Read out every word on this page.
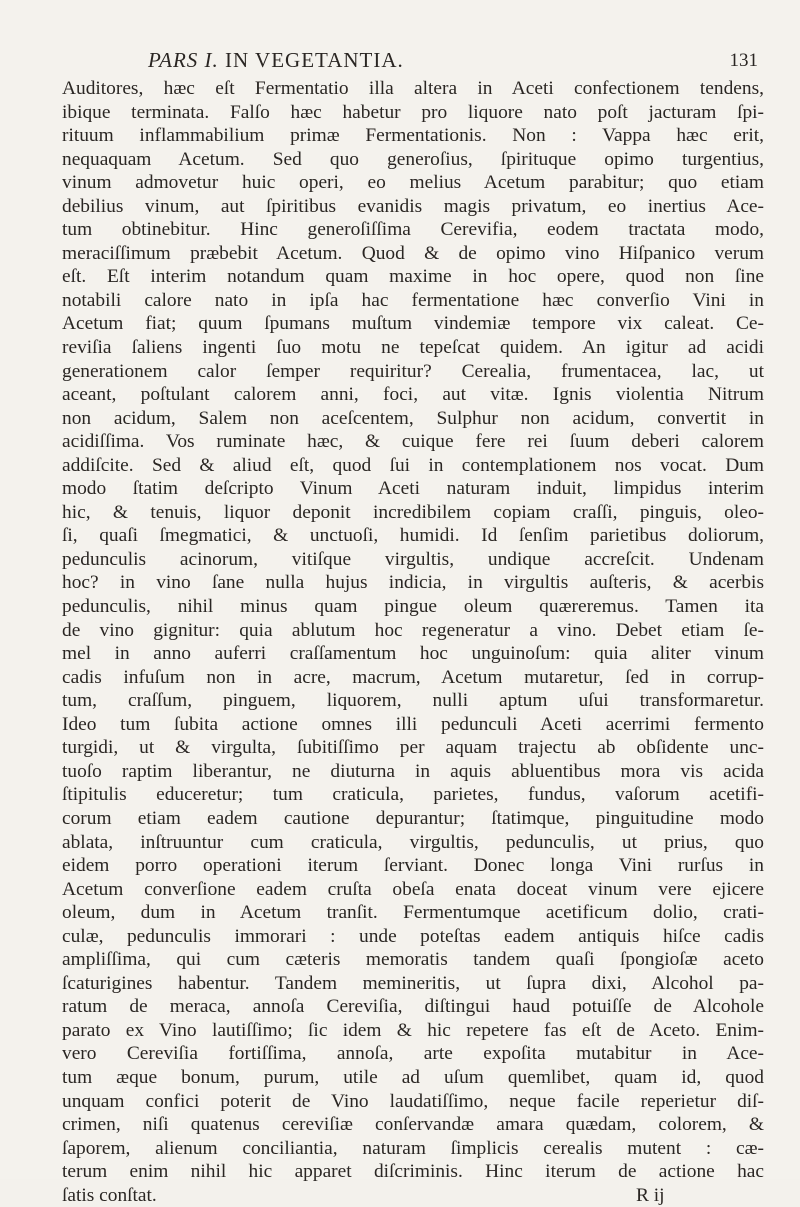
PARS I. IN VEGETANTIA.	131
Auditores, hæc eſt Fermentatio illa altera in Aceti confectionem tendens,
ibique terminata. Falſo hæc habetur pro liquore nato poſt jacturam ſpi-
rituum inflammabilium primæ Fermentationis. Non : Vappa hæc erit,
nequaquam Acetum. Sed quo generoſius, ſpirituque opimo turgentius,
vinum admovetur huic operi, eo melius Acetum parabitur; quo etiam
debilius vinum, aut ſpiritibus evanidis magis privatum, eo inertius Ace-
tum obtinebitur. Hinc generoſiſſima Cerevifia, eodem tractata modo,
meraciſſimum præbebit Acetum. Quod & de opimo vino Hiſpanico verum
eſt. Eſt interim notandum quam maxime in hoc opere, quod non ſine
notabili calore nato in ipſa hac fermentatione hæc converſio Vini in
Acetum fiat; quum ſpumans muſtum vindemiæ tempore vix caleat. Ce-
reviſia ſaliens ingenti ſuo motu ne tepeſcat quidem. An igitur ad acidi
generationem calor ſemper requiritur? Cerealia, frumentacea, lac, ut
aceant, poſtulant calorem anni, foci, aut vitæ. Ignis violentia Nitrum
non acidum, Salem non aceſcentem, Sulphur non acidum, convertit in
acidiſſima. Vos ruminate hæc, & cuique fere rei ſuum deberi calorem
addiſcite. Sed & aliud eſt, quod ſui in contemplationem nos vocat. Dum
modo ſtatim deſcripto Vinum Aceti naturam induit, limpidus interim
hic, & tenuis, liquor deponit incredibilem copiam craſſi, pinguis, oleo-
ſi, quaſi ſmegmatici, & unctuoſi, humidi. Id ſenſim parietibus doliorum,
pedunculis acinorum, vitiſque virgultis, undique accreſcit. Undenam
hoc? in vino ſane nulla hujus indicia, in virgultis auſteris, & acerbis
pedunculis, nihil minus quam pingue oleum quæreremus. Tamen ita
de vino gignitur: quia ablutum hoc regeneratur a vino. Debet etiam ſe-
mel in anno auferri craſſamentum hoc unguinoſum: quia aliter vinum
cadis infuſum non in acre, macrum, Acetum mutaretur, ſed in corrup-
tum, craſſum, pinguem, liquorem, nulli aptum uſui transformaretur.
Ideo tum ſubita actione omnes illi pedunculi Aceti acerrimi fermento
turgidi, ut & virgulta, ſubitiſſimo per aquam trajectu ab obſidente unc-
tuoſo raptim liberantur, ne diuturna in aquis abluentibus mora vis acida
ſtipitulis educeretur; tum craticula, parietes, fundus, vaſorum acetifi-
corum etiam eadem cautione depurantur; ſtatimque, pinguitudine modo
ablata, inſtruuntur cum craticula, virgultis, pedunculis, ut prius, quo
eidem porro operationi iterum ſerviant. Donec longa Vini rurſus in
Acetum converſione eadem cruſta obeſa enata doceat vinum vere ejicere
oleum, dum in Acetum tranſit. Fermentumque acetificum dolio, crati-
culæ, pedunculis immorari : unde poteſtas eadem antiquis hiſce cadis
ampliſſima, qui cum cæteris memoratis tandem quaſi ſpongioſæ aceto
ſcaturigines habentur. Tandem memineritis, ut ſupra dixi, Alcohol pa-
ratum de meraca, annoſa Cereviſia, diſtingui haud potuiſſe de Alcohole
parato ex Vino lautiſſimo; ſic idem & hic repetere fas eſt de Aceto. Enim-
vero Cereviſia fortiſſima, annoſa, arte expoſita mutabitur in Ace-
tum æque bonum, purum, utile ad uſum quemlibet, quam id, quod
unquam confici poterit de Vino laudatiſſimo, neque facile reperietur diſ-
crimen, niſi quatenus cereviſiæ conſervandæ amara quædam, colorem, &
ſaporem, alienum conciliantia, naturam ſimplicis cerealis mutent : cæ-
terum enim nihil hic apparet diſcriminis. Hinc iterum de actione hac
ſatis conſtat.	R ij
